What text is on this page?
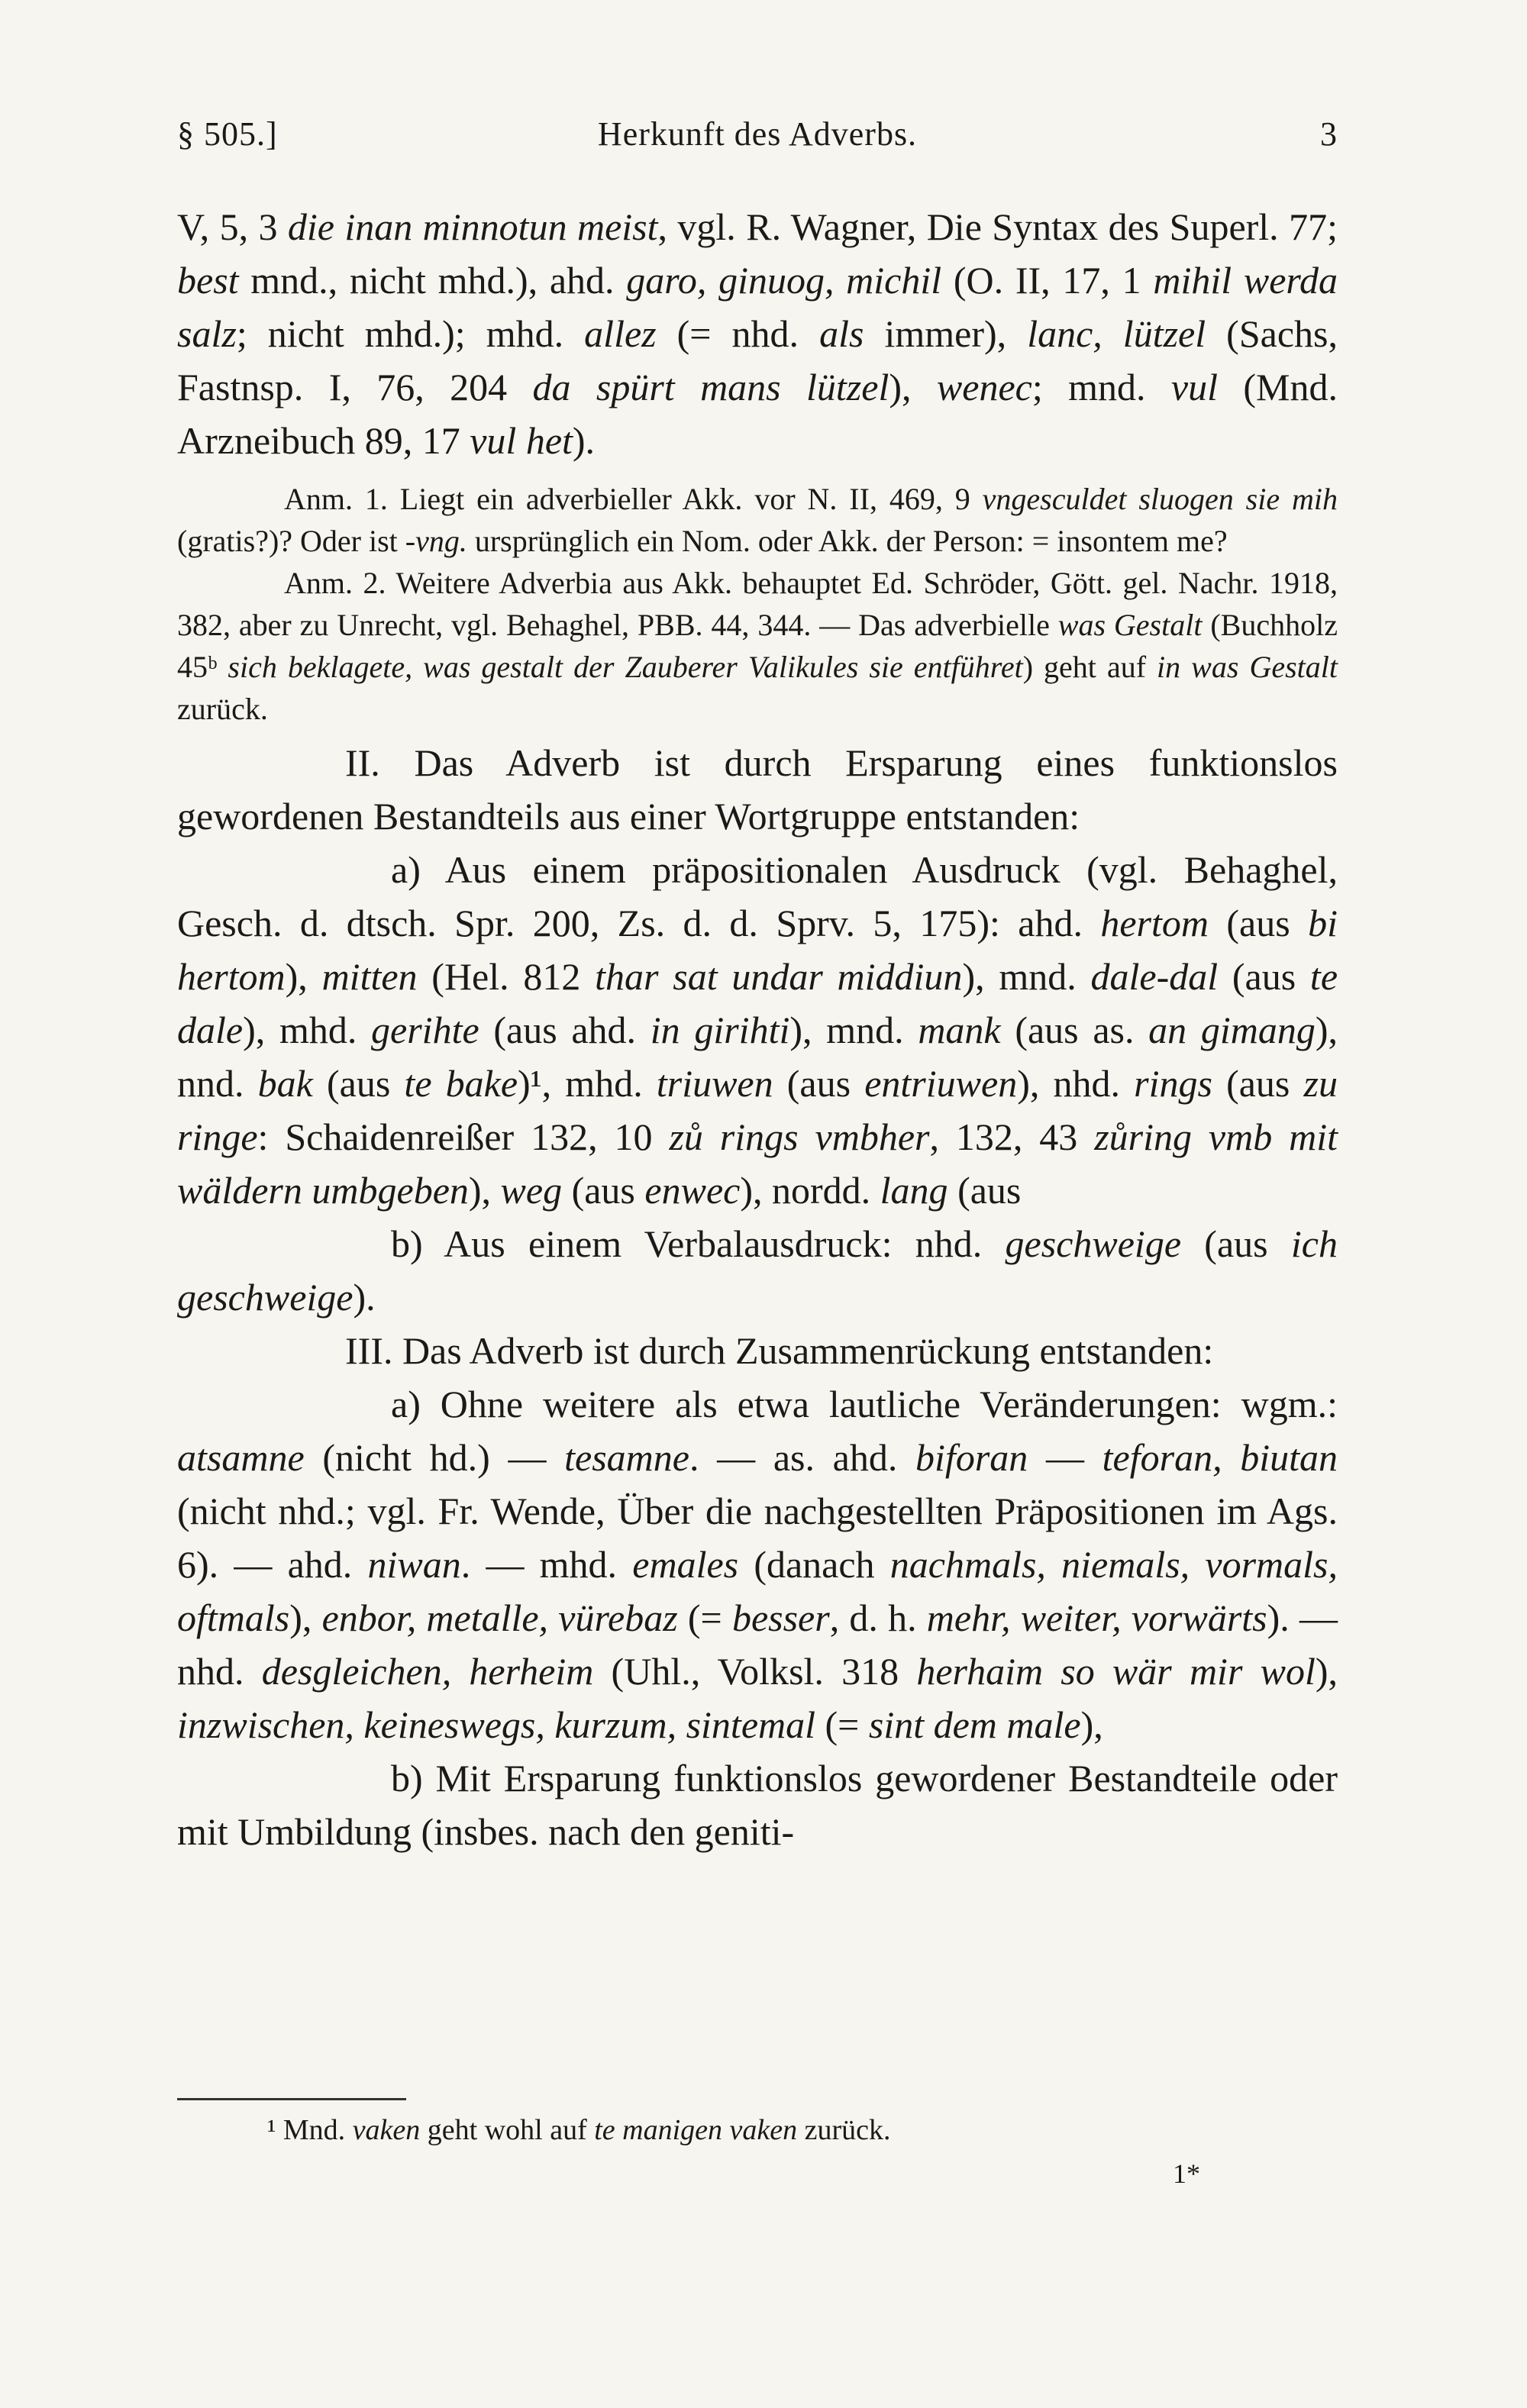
§ 505.]	Herkunft des Adverbs.	3

V, 5, 3 die inan minnotun meist, vgl. R. Wagner, Die Syntax des Superl. 77; best mnd., nicht mhd.), ahd. garo, ginuog, michil (O. II, 17, 1 mihil werda salz; nicht mhd.); mhd. allez (= nhd. als immer), lanc, lützel (Sachs, Fastnsp. I, 76, 204 da spürt mans lützel), wenec; mnd. vul (Mnd. Arzneibuch 89, 17 vul het).

Anm. 1. Liegt ein adverbieller Akk. vor N. II, 469, 9 vngesculdet sluogen sie mih (gratis?)? Oder ist -vng. ursprünglich ein Nom. oder Akk. der Person: = insontem me?

Anm. 2. Weitere Adverbia aus Akk. behauptet Ed. Schröder, Gött. gel. Nachr. 1918, 382, aber zu Unrecht, vgl. Behaghel, PBB. 44, 344. — Das adverbielle was Gestalt (Buchholz 45ᵇ sich beklagete, was gestalt der Zauberer Valikules sie entführet) geht auf in was Gestalt zurück.

II. Das Adverb ist durch Ersparung eines funktionslos gewordenen Bestandteils aus einer Wortgruppe entstanden:

a) Aus einem präpositionalen Ausdruck (vgl. Behaghel, Gesch. d. dtsch. Spr. 200, Zs. d. d. Sprv. 5, 175): ahd. hertom (aus bi hertom), mitten (Hel. 812 thar sat undar middiun), mnd. dale-dal (aus te dale), mhd. gerihte (aus ahd. in girihti), mnd. mank (aus as. an gimang), nnd. bak (aus te bake)¹, mhd. triuwen (aus entriuwen), nhd. rings (aus zu ringe: Schaidenreißer 132, 10 zů rings vmbher, 132, 43 zůring vmb mit wäldern umbgeben), weg (aus enwec), nordd. lang (aus

b) Aus einem Verbalausdruck: nhd. geschweige (aus ich geschweige).

III. Das Adverb ist durch Zusammenrückung entstanden:

a) Ohne weitere als etwa lautliche Veränderungen: wgm.: atsamne (nicht hd.) — tesamne. — as. ahd. biforan — teforan, biutan (nicht nhd.; vgl. Fr. Wende, Über die nachgestellten Präpositionen im Ags. 6). — ahd. niwan. — mhd. emales (danach nachmals, niemals, vormals, oftmals), enbor, metalle, vürebaz (= besser, d. h. mehr, weiter, vorwärts). — nhd. desgleichen, herheim (Uhl., Volksl. 318 herhaim so wär mir wol), inzwischen, keineswegs, kurzum, sintemal (= sint dem male),

b) Mit Ersparung funktionslos gewordener Bestandteile oder mit Umbildung (insbes. nach den geniti-

¹ Mnd. vaken geht wohl auf te manigen vaken zurück.
1*
